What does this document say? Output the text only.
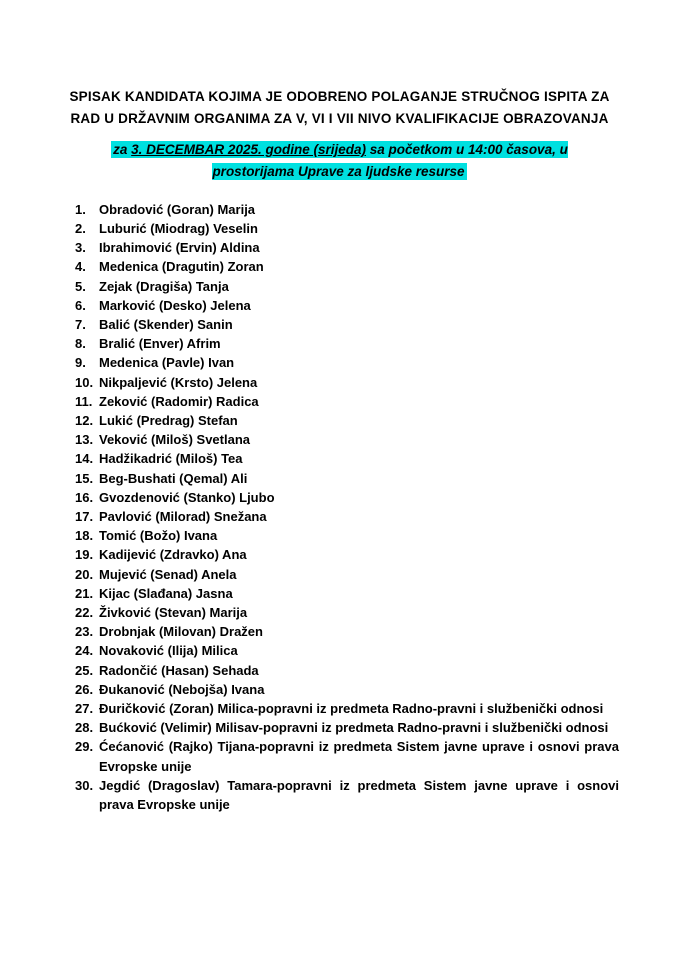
SPISAK KANDIDATA KOJIMA JE ODOBRENO POLAGANJE STRUČNOG ISPITA ZA RAD U DRŽAVNIM ORGANIMA ZA V, VI I VII NIVO KVALIFIKACIJE OBRAZOVANJA
za 3. DECEMBAR 2025. godine (srijeda) sa početkom u 14:00 časova, u prostorijama Uprave za ljudske resurse
1.	Obradović (Goran) Marija
2.	Luburić (Miodrag) Veselin
3.	Ibrahimović (Ervin) Aldina
4.	Medenica (Dragutin) Zoran
5.	Zejak (Dragiša) Tanja
6.	Marković (Desko) Jelena
7.	Balić (Skender) Sanin
8.	Bralić (Enver) Afrim
9.	Medenica (Pavle) Ivan
10. Nikpaljević (Krsto) Jelena
11. Zeković (Radomir) Radica
12. Lukić (Predrag) Stefan
13. Veković (Miloš) Svetlana
14. Hadžikadrić (Miloš) Tea
15. Beg-Bushati (Qemal) Ali
16. Gvozdenović (Stanko) Ljubo
17. Pavlović (Milorad) Snežana
18. Tomić (Božo) Ivana
19. Kadijević (Zdravko) Ana
20. Mujević (Senad) Anela
21. Kijac (Slađana) Jasna
22. Živković (Stevan) Marija
23. Drobnjak (Milovan) Dražen
24. Novaković (Ilija) Milica
25. Radončić (Hasan) Sehada
26. Đukanović (Nebojša) Ivana
27. Đuričković (Zoran) Milica-popravni iz predmeta Radno-pravni i službenički odnosi
28. Bućković (Velimir) Milisav-popravni iz predmeta Radno-pravni i službenički odnosi
29. Ćećanović (Rajko) Tijana-popravni iz predmeta Sistem javne uprave i osnovi prava Evropske unije
30. Jegdić (Dragoslav) Tamara-popravni iz predmeta Sistem javne uprave i osnovi prava Evropske unije
